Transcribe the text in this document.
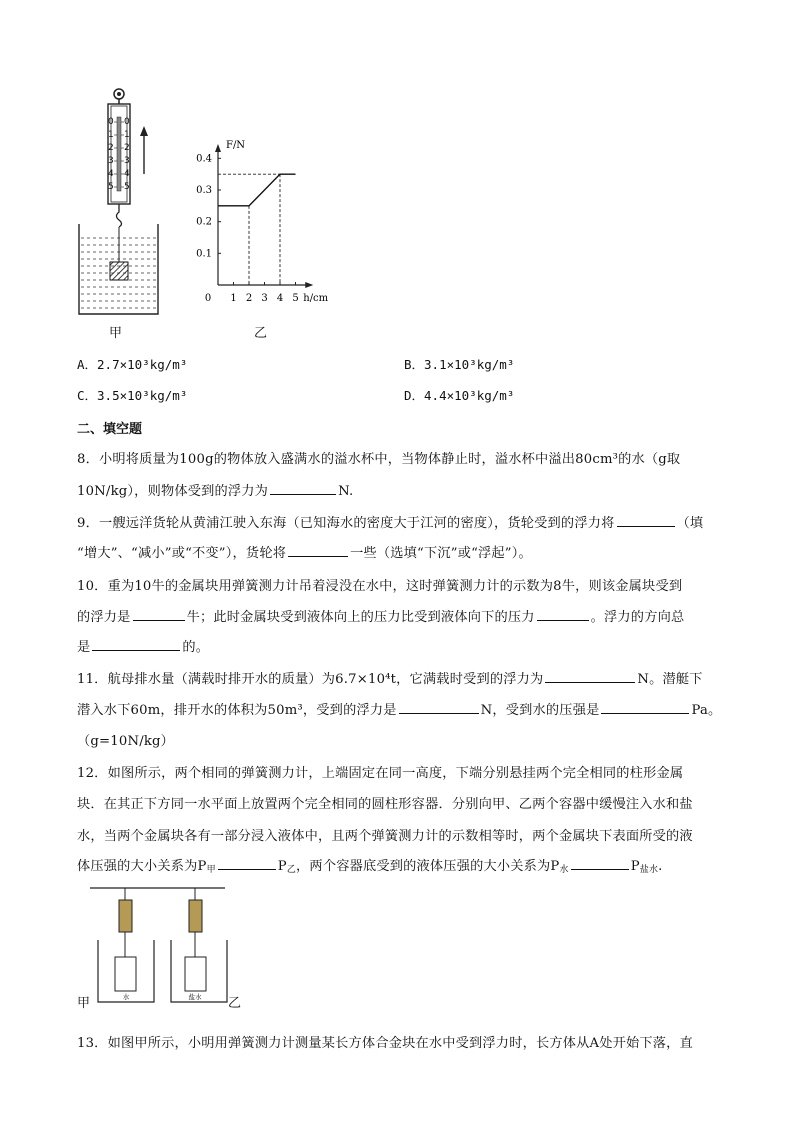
0
1
2
3
4
5
0
1
2
3
4
5
甲
F/N
h/cm
0.1
0.2
0.3
0.4
0 1 2 3 4 5
乙
A．2.7×10³kg/m³	B．3.1×10³kg/m³
C．3.5×10³kg/m³	D．4.4×10³kg/m³
二、填空题
8．小明将质量为100g的物体放入盛满水的溢水杯中，当物体静止时，溢水杯中溢出80cm³的水（g取
10N/kg），则物体受到的浮力为	N.
9．一艘远洋货轮从黄浦江驶入东海（已知海水的密度大于江河的密度），货轮受到的浮力将	（填
“增大”、“减小”或“不变”），货轮将	一些（选填“下沉”或“浮起”）。
10．重为10牛的金属块用弹簧测力计吊着浸没在水中，这时弹簧测力计的示数为8牛，则该金属块受到
的浮力是	牛；此时金属块受到液体向上的压力比受到液体向下的压力	。浮力的方向总
是	的。
11．航母排水量（满载时排开水的质量）为6.7×10⁴t，它满载时受到的浮力为	N。潜艇下
潜入水下60m，排开水的体积为50m³，受到的浮力是	N，受到水的压强是	Pa。
（g=10N/kg）
12．如图所示，两个相同的弹簧测力计，上端固定在同一高度，下端分别悬挂两个完全相同的柱形金属
块．在其正下方同一水平面上放置两个完全相同的圆柱形容器．分别向甲、乙两个容器中缓慢注入水和盐
水，当两个金属块各有一部分浸入液体中，且两个弹簧测力计的示数相等时，两个金属块下表面所受的液
体压强的大小关系为$P_甲$	$P_乙$，两个容器底受到的液体压强的大小关系为$P_水$	$P_{盐水}$.
水	盐水
甲	乙
13．如图甲所示，小明用弹簧测力计测量某长方体合金块在水中受到浮力时，长方体从A处开始下落，直
